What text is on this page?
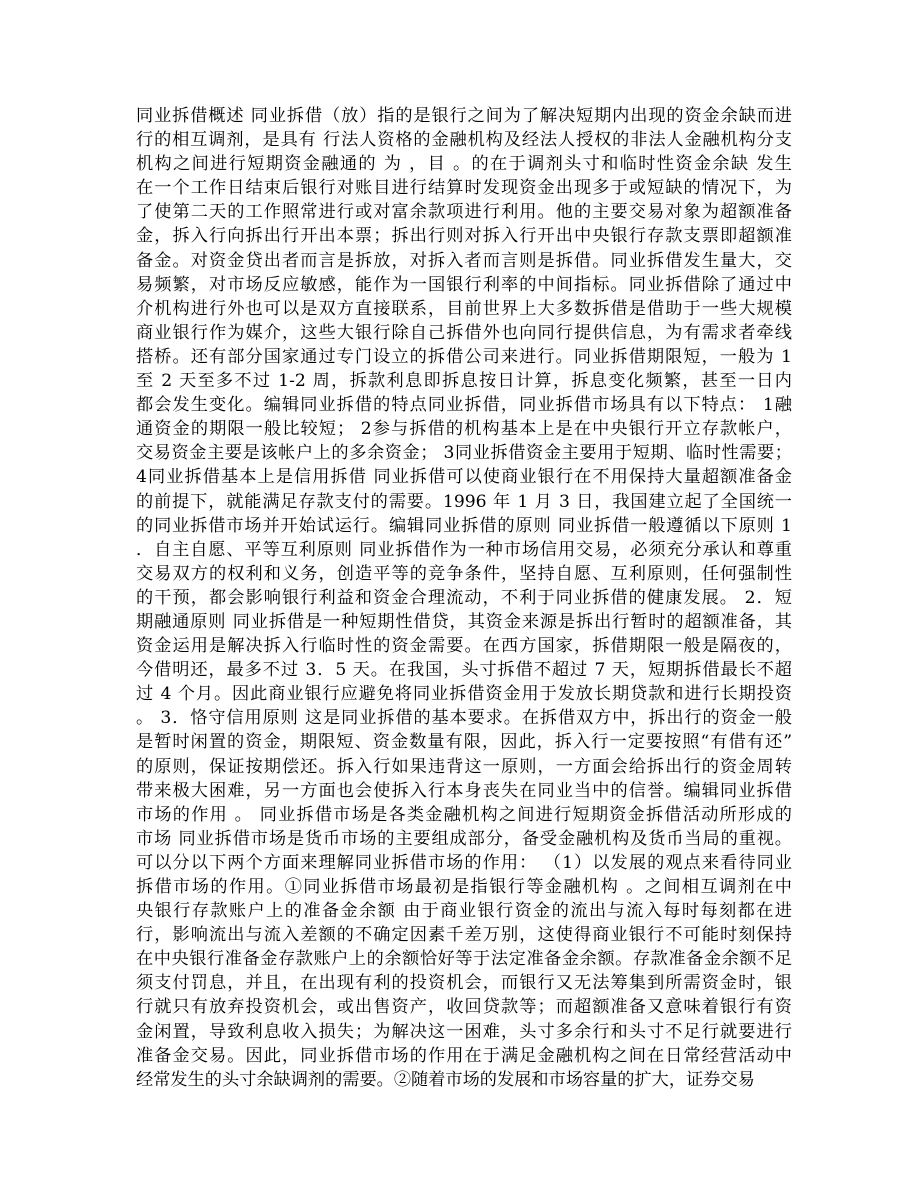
同业拆借概述 同业拆借（放）指的是银行之间为了解决短期内出现的资金余缺而进
行的相互调剂，是具有 行法人资格的金融机构及经法人授权的非法人金融机构分支
机构之间进行短期资金融通的 为 ，目 。的在于调剂头寸和临时性资金余缺 发生
在一个工作日结束后银行对账目进行结算时发现资金出现多于或短缺的情况下，为
了使第二天的工作照常进行或对富余款项进行利用。他的主要交易对象为超额准备
金，拆入行向拆出行开出本票；拆出行则对拆入行开出中央银行存款支票即超额准
备金。对资金贷出者而言是拆放，对拆入者而言则是拆借。同业拆借发生量大，交
易频繁，对市场反应敏感，能作为一国银行利率的中间指标。同业拆借除了通过中
介机构进行外也可以是双方直接联系，目前世界上大多数拆借是借助于一些大规模
商业银行作为媒介，这些大银行除自己拆借外也向同行提供信息，为有需求者牵线
搭桥。还有部分国家通过专门设立的拆借公司来进行。同业拆借期限短，一般为 1
至 2 天至多不过 1-2 周，拆款利息即拆息按日计算，拆息变化频繁，甚至一日内
都会发生变化。编辑同业拆借的特点同业拆借，同业拆借市场具有以下特点： 1融
通资金的期限一般比较短； 2参与拆借的机构基本上是在中央银行开立存款帐户，
交易资金主要是该帐户上的多余资金； 3同业拆借资金主要用于短期、临时性需要；
4同业拆借基本上是信用拆借 同业拆借可以使商业银行在不用保持大量超额准备金
的前提下，就能满足存款支付的需要。1996 年 1 月 3 日，我国建立起了全国统一
的同业拆借市场并开始试运行。编辑同业拆借的原则 同业拆借一般遵循以下原则 1
．自主自愿、平等互利原则 同业拆借作为一种市场信用交易，必须充分承认和尊重
交易双方的权利和义务，创造平等的竞争条件，坚持自愿、互利原则，任何强制性
的干预，都会影响银行利益和资金合理流动，不利于同业拆借的健康发展。 2．短
期融通原则 同业拆借是一种短期性借贷，其资金来源是拆出行暂时的超额准备，其
资金运用是解决拆入行临时性的资金需要。在西方国家，拆借期限一般是隔夜的，
今借明还，最多不过 3．5 天。在我国，头寸拆借不超过 7 天，短期拆借最长不超
过 4 个月。因此商业银行应避免将同业拆借资金用于发放长期贷款和进行长期投资
。 3．恪守信用原则 这是同业拆借的基本要求。在拆借双方中，拆出行的资金一般
是暂时闲置的资金，期限短、资金数量有限，因此，拆入行一定要按照“有借有还”
的原则，保证按期偿还。拆入行如果违背这一原则，一方面会给拆出行的资金周转
带来极大困难，另一方面也会使拆入行本身丧失在同业当中的信誉。编辑同业拆借
市场的作用 。 同业拆借市场是各类金融机构之间进行短期资金拆借活动所形成的
市场 同业拆借市场是货币市场的主要组成部分，备受金融机构及货币当局的重视。
可以分以下两个方面来理解同业拆借市场的作用： （1）以发展的观点来看待同业
拆借市场的作用。①同业拆借市场最初是指银行等金融机构 。之间相互调剂在中
央银行存款账户上的准备金余额 由于商业银行资金的流出与流入每时每刻都在进
行，影响流出与流入差额的不确定因素千差万别，这使得商业银行不可能时刻保持
在中央银行准备金存款账户上的余额恰好等于法定准备金余额。存款准备金余额不足
须支付罚息，并且，在出现有利的投资机会，而银行又无法筹集到所需资金时，银
行就只有放弃投资机会，或出售资产，收回贷款等；而超额准备又意味着银行有资
金闲置，导致利息收入损失；为解决这一困难，头寸多余行和头寸不足行就要进行
准备金交易。因此，同业拆借市场的作用在于满足金融机构之间在日常经营活动中
经常发生的头寸余缺调剂的需要。②随着市场的发展和市场容量的扩大，证券交易
